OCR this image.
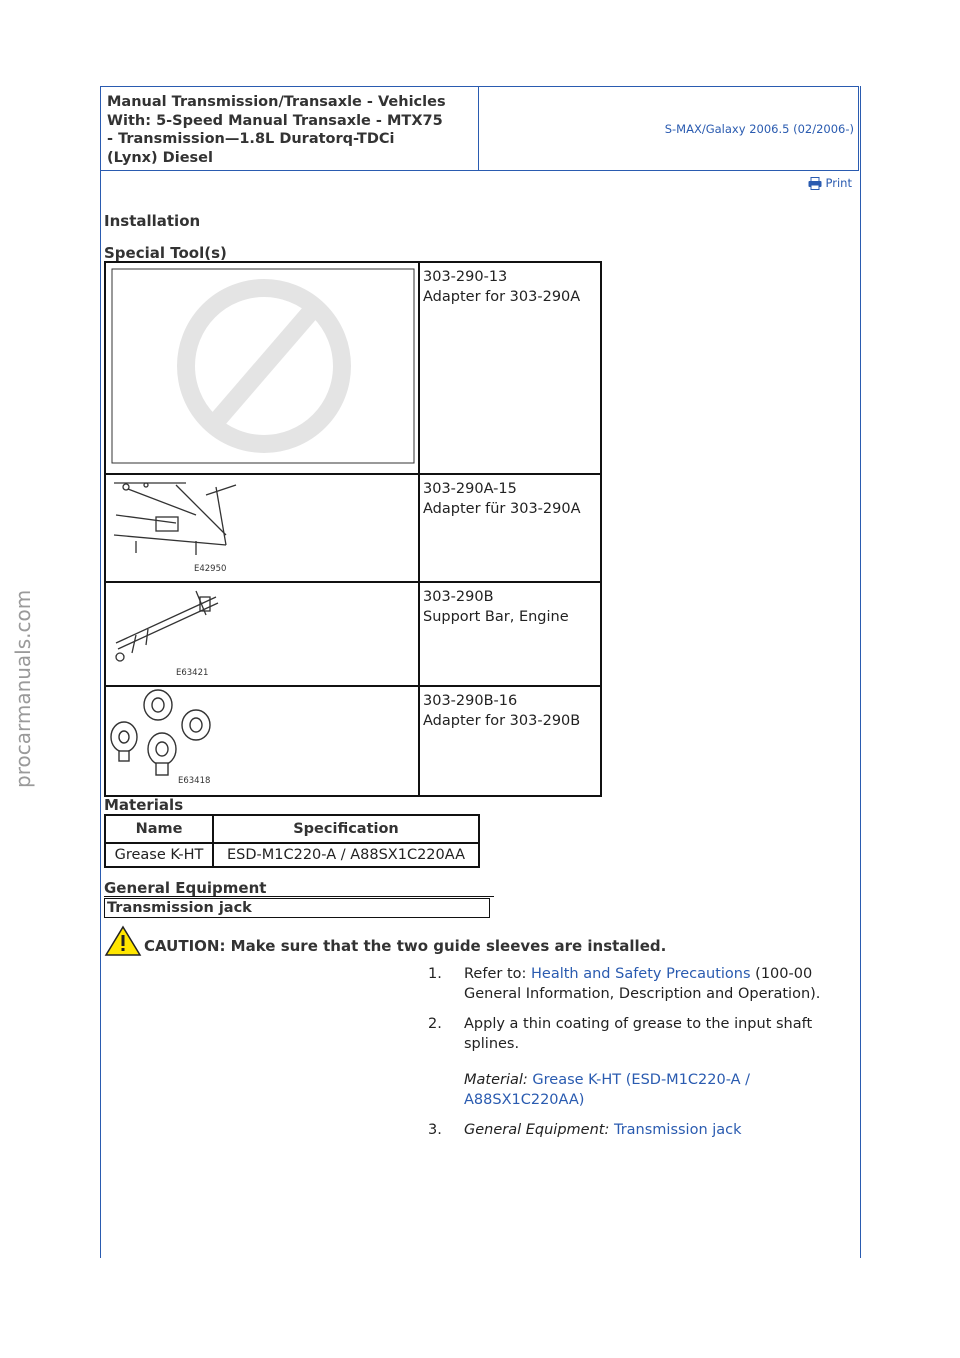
Manual Transmission/Transaxle - Vehicles
With: 5-Speed Manual Transaxle - MTX75
- Transmission—1.8L Duratorq-TDCi
(Lynx) Diesel
S-MAX/Galaxy 2006.5 (02/2006-)
Print
Installation
Special Tool(s)

303-290-13
Adapter for 303-290A

E42950	303-290A-15
Adapter für 303-290A

E63421	303-290B
Support Bar, Engine

E63418	303-290B-16
Adapter for 303-290B
Materials
Name	Specification
Grease K-HT	ESD-M1C220-A / A88SX1C220AA
General Equipment
Transmission jack
CAUTION: Make sure that the two guide sleeves are installed.
1.	Refer to: Health and Safety Precautions (100-00 General Information, Description and Operation).
2.	Apply a thin coating of grease to the input shaft splines.
Material: Grease K-HT (ESD-M1C220-A / A88SX1C220AA)
3.	General Equipment: Transmission jack
procarmanuals.com
